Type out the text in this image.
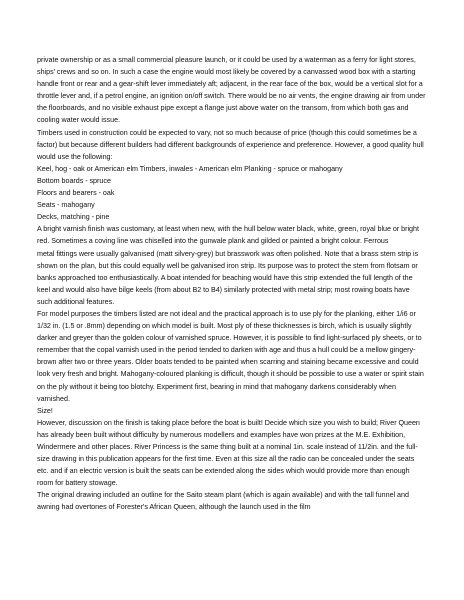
private ownership or as a small commercial pleasure launch, or it could be used by a waterman as a ferry for light stores, ships' crews and so on. In such a case the engine would most likely be covered by a canvassed wood box with a starting handle front or rear and a gear-shift lever immediately aft; adjacent, in the rear face of the box, would be a vertical slot for a throttle lever and, if a petrol engine, an ignition on/off switch. There would be no air vents, the engine drawing air from under the floorboards, and no visible exhaust pipe except a flange just above water on the transom, from which both gas and cooling water would issue.

Timbers used in construction could be expected to vary, not so much because of price (though this could sometimes be a factor) but because different builders had different backgrounds of experience and preference. However, a good quality hull would use the following:

Keel, hog - oak or American elm Timbers, inwales - American elm Planking - spruce or mahogany

Bottom boards - spruce

Floors and bearers - oak

Seats - mahogany

Decks, matching - pine

A bright varnish finish was customary, at least when new, with the hull below water black, white, green, royal blue or bright red. Sometimes a coving line was chiselled into the gunwale plank and gilded or painted a bright colour. Ferrous

metal fittings were usually galvanised (matt silvery-grey) but brasswork was often polished. Note that a brass stem strip is shown on the plan, but this could equally well be galvanised iron strip. Its purpose was to protect the stem from flotsam or banks approached too enthusiastically. A boat intended for beaching would have this strip extended the full length of the keel and would also have bilge keels (from about B2 to B4) similarly protected with metal strip; most rowing boats have such additional features.

For model purposes the timbers listed are not ideal and the practical approach is to use ply for the planking, either 1/i6 or 1/32 in. (1.5 or .8mm) depending on which model is built. Most ply of these thicknesses is birch, which is usually slightly darker and greyer than the golden colour of varnished spruce. However, it is possible to find light-surfaced ply sheets, or to remember that the copal varnish used in the period tended to darken with age and thus a hull could be a mellow gingery-brown after two or three years. Older boats tended to be painted when scarring and staining became excessive and could look very fresh and bright. Mahogany-coloured planking is difficult, though it should be possible to use a water or spirit stain on the ply without it being too blotchy. Experiment first, bearing in mind that mahogany darkens considerably when varnished.

Size!

However, discussion on the finish is taking place before the boat is built! Decide which size you wish to build; River Queen has already been built without difficulty by numerous modellers and examples have won prizes at the M.E. Exhibition, Windermere and other places. River Princess is the same thing built at a nominal 1in. scale instead of 11/2in. and the full-size drawing in this publication appears for the first time. Even at this size all the radio can be concealed under the seats etc. and if an electric version is built the seats can be extended along the sides which would provide more than enough room for battery stowage.

The original drawing included an outline for the Saito steam plant (which is again available) and with the tall funnel and awning had overtones of Forester's African Queen, although the launch used in the film
